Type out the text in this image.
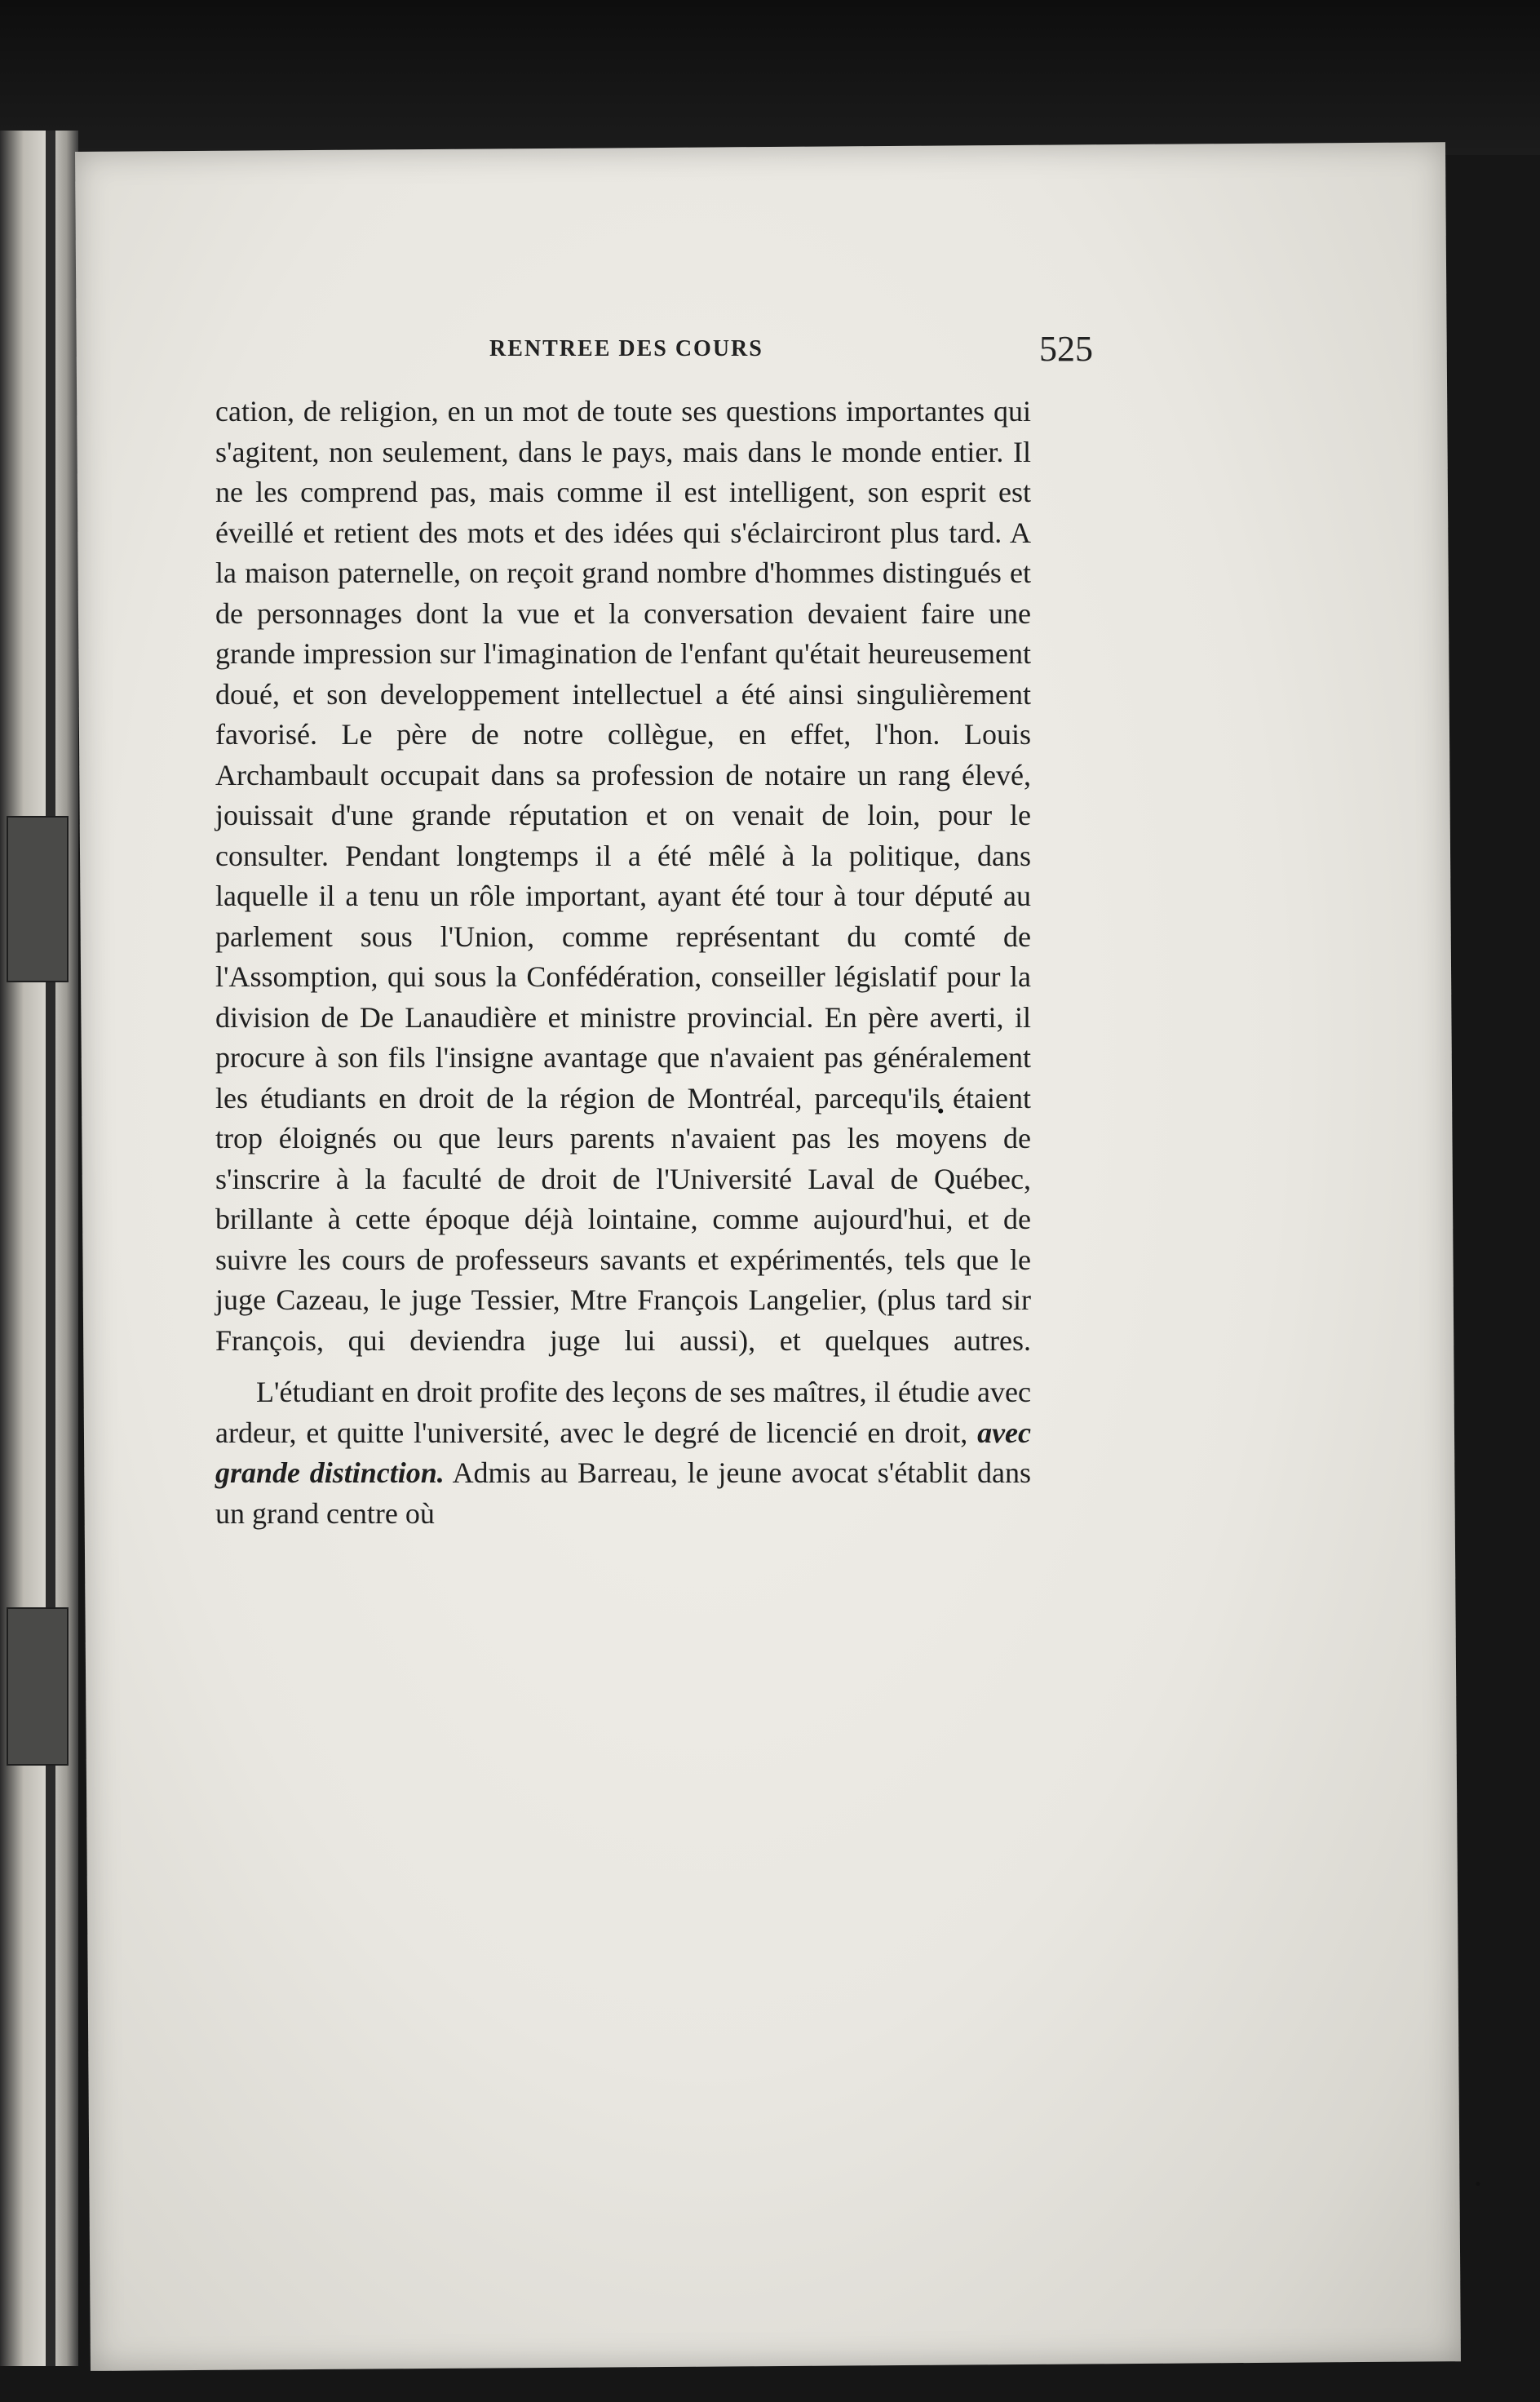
RENTREE DES COURS	525

cation, de religion, en un mot de toute ses questions importantes qui s'agitent, non seulement, dans le pays, mais dans le monde entier. Il ne les comprend pas, mais comme il est intelligent, son esprit est éveillé et retient des mots et des idées qui s'éclairciront plus tard. A la maison paternelle, on reçoit grand nombre d'hommes distingués et de personnages dont la vue et la conversation devaient faire une grande impression sur l'imagination de l'enfant qu'était heureusement doué, et son developpement intellectuel a été ainsi singulièrement favorisé. Le père de notre collègue, en effet, l'hon. Louis Archambault occupait dans sa profession de notaire un rang élevé, jouissait d'une grande réputation et on venait de loin, pour le consulter. Pendant longtemps il a été mêlé à la politique, dans laquelle il a tenu un rôle important, ayant été tour à tour député au parlement sous l'Union, comme représentant du comté de l'Assomption, qui sous la Confédération, conseiller législatif pour la division de De Lanaudière et ministre provincial. En père averti, il procure à son fils l'insigne avantage que n'avaient pas généralement les étudiants en droit de la région de Montréal, parcequ'ils étaient trop éloignés ou que leurs parents n'avaient pas les moyens de s'inscrire à la faculté de droit de l'Université Laval de Québec, brillante à cette époque déjà lointaine, comme aujourd'hui, et de suivre les cours de professeurs savants et expérimentés, tels que le juge Cazeau, le juge Tessier, Mtre François Langelier, (plus tard sir François, qui deviendra juge lui aussi), et quelques autres.

L'étudiant en droit profite des leçons de ses maîtres, il étudie avec ardeur, et quitte l'université, avec le degré de licencié en droit, avec grande distinction. Admis au Barreau, le jeune avocat s'établit dans un grand centre où
